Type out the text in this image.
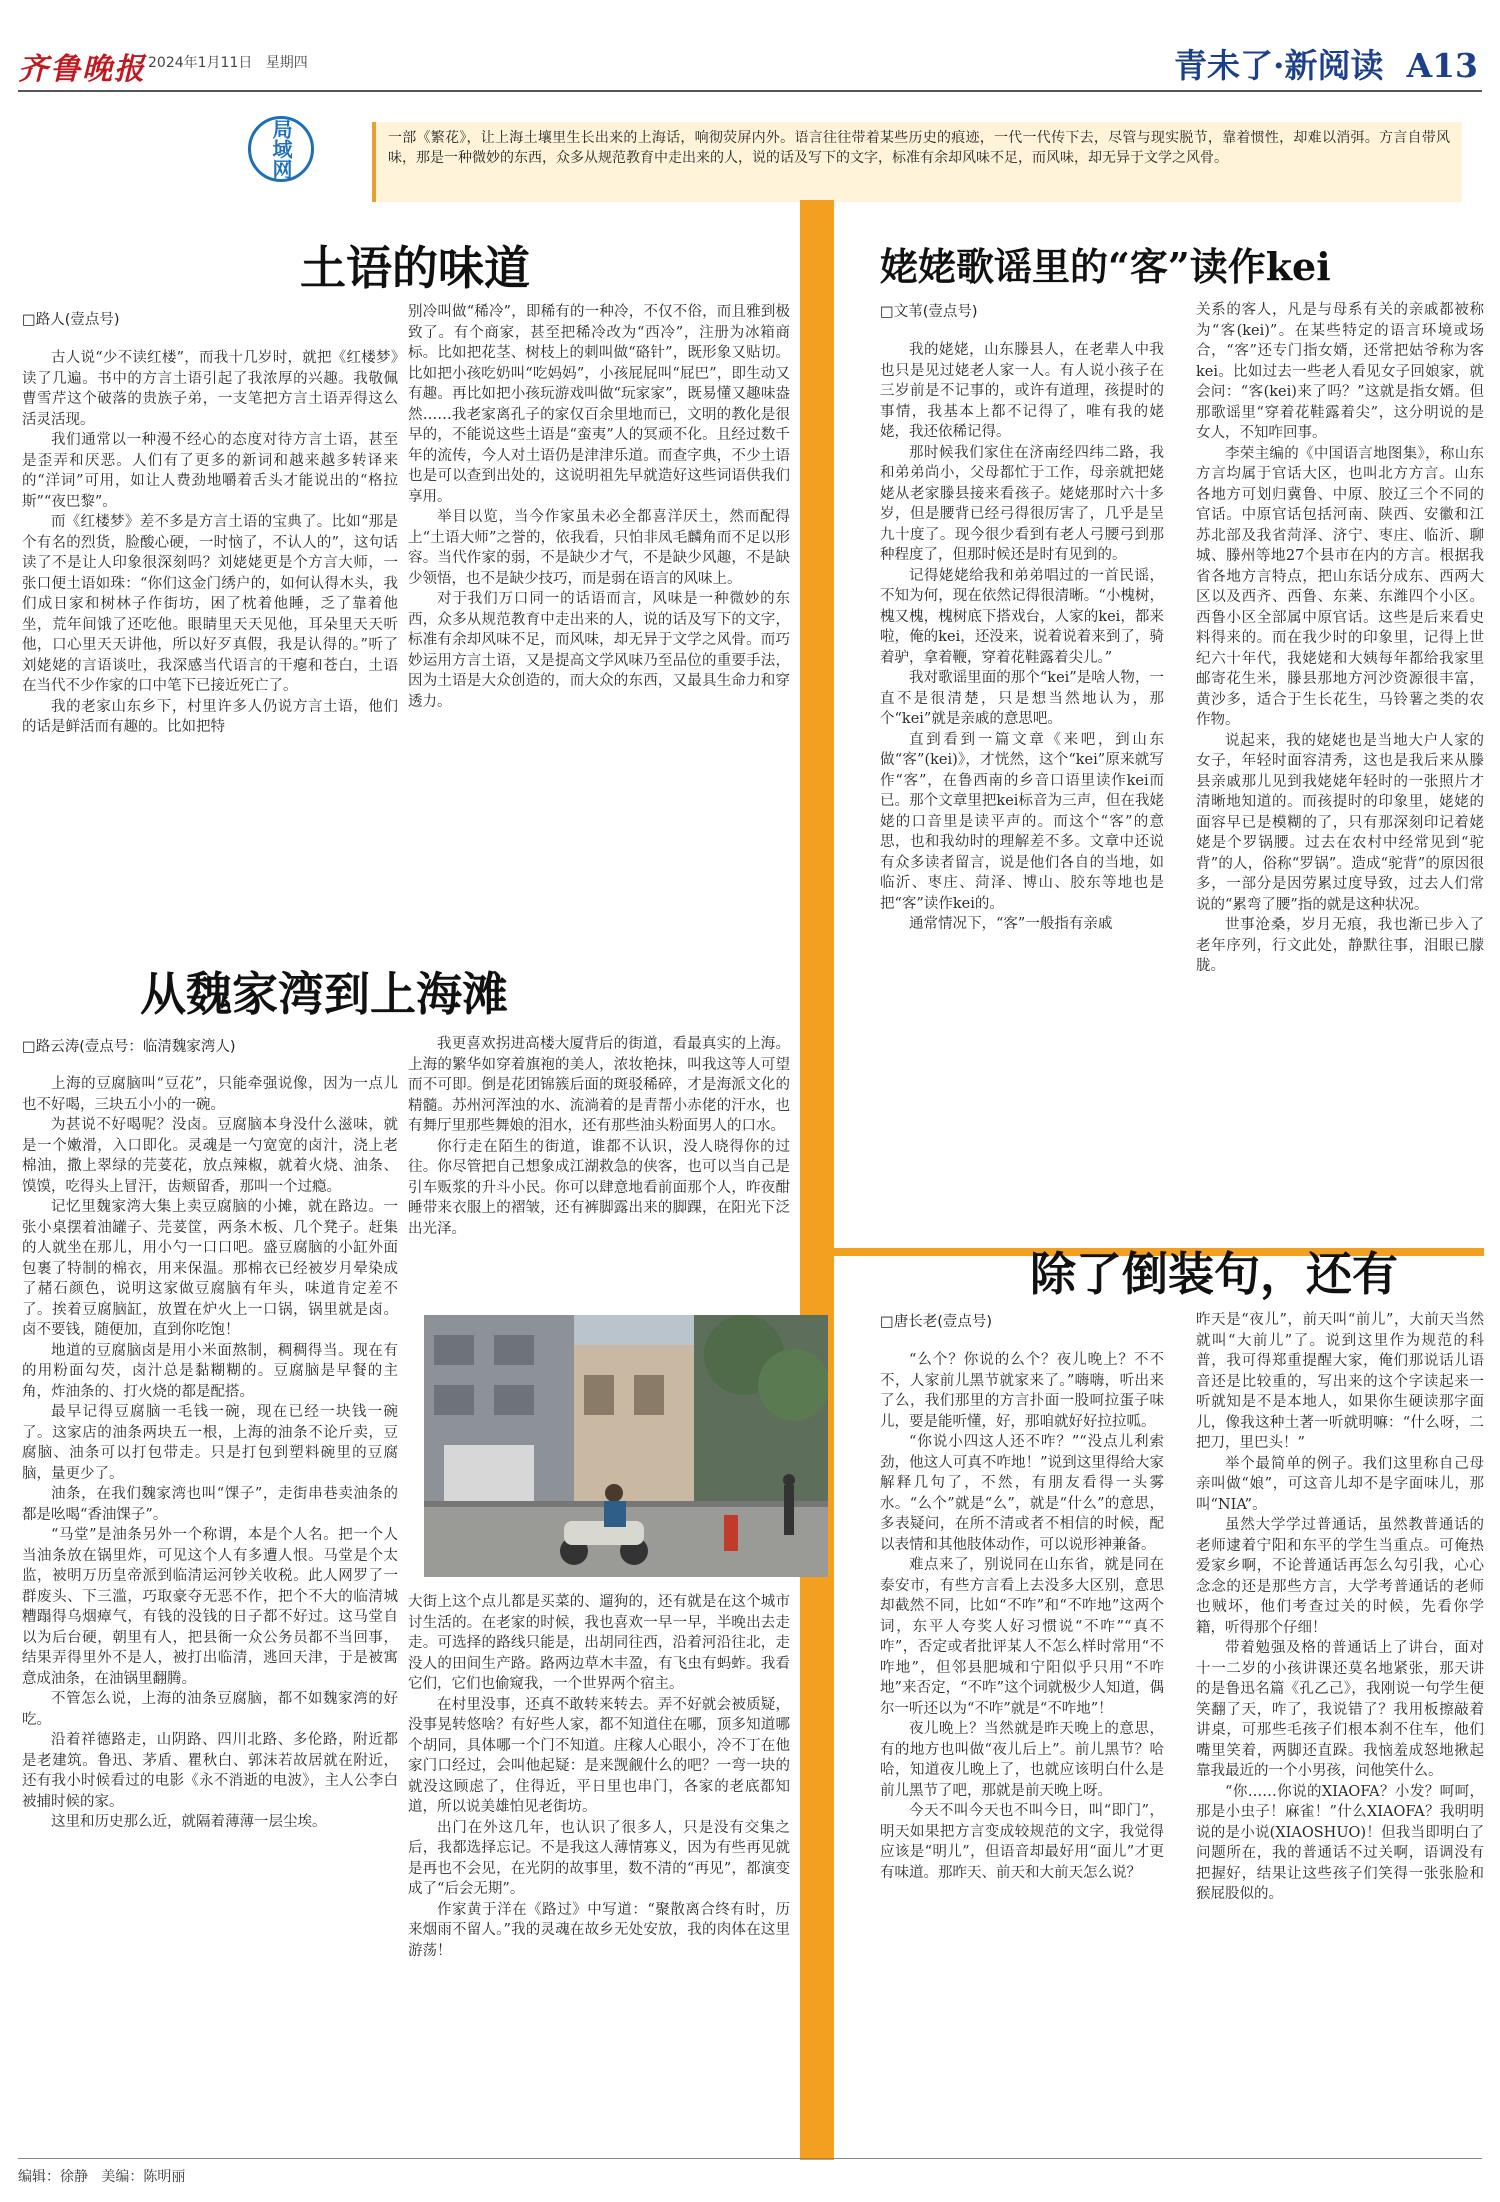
齐鲁晚报 2024年1月11日 星期四	青未了·新阅读 A13
局域网	一部《繁花》，让上海土壤里生长出来的上海话，响彻荧屏内外。语言往往带着某些历史的痕迹，一代一代传下去，尽管与现实脱节，靠着惯性，却难以消弭。方言自带风味，那是一种微妙的东西，众多从规范教育中走出来的人，说的话及写下的文字，标准有余却风味不足，而风味，却无异于文学之风骨。
土语的味道
□路人(壹点号)

古人说“少不读红楼”，而我十几岁时，就把《红楼梦》读了几遍。书中的方言土语引起了我浓厚的兴趣。我敬佩曹雪芹这个破落的贵族子弟，一支笔把方言土语弄得这么活灵活现。

我们通常以一种漫不经心的态度对待方言土语，甚至是歪弄和厌恶。人们有了更多的新词和越来越多转译来的“洋词”可用，如让人费劲地嚼着舌头才能说出的“格拉斯”“夜巴黎”。

而《红楼梦》差不多是方言土语的宝典了。比如“那是个有名的烈货，脸酸心硬，一时恼了，不认人的”，这句话读了不是让人印象很深刻吗？刘姥姥更是个方言大师，一张口便土语如珠：“你们这金门绣户的，如何认得木头，我们成日家和树林子作街坊，困了枕着他睡，乏了靠着他坐，荒年间饿了还吃他。眼睛里天天见他，耳朵里天天听他，口心里天天讲他，所以好歹真假，我是认得的。”听了刘姥姥的言语谈吐，我深感当代语言的干瘪和苍白，土语在当代不少作家的口中笔下已接近死亡了。

我的老家山东乡下，村里许多人仍说方言土语，他们的话是鲜活而有趣的。比如把特

别冷叫做“稀冷”，即稀有的一种冷，不仅不俗，而且雅到极致了。有个商家，甚至把稀冷改为“西冷”，注册为冰箱商标。比如把花茎、树枝上的刺叫做“硌针”，既形象又贴切。比如把小孩吃奶叫“吃妈妈”，小孩屁屁叫“屁巴”，即生动又有趣。再比如把小孩玩游戏叫做“玩家家”，既易懂又趣味盎然……我老家离孔子的家仅百余里地而已，文明的教化是很早的，不能说这些土语是“蛮夷”人的冥顽不化。且经过数千年的流传，今人对土语仍是津津乐道。而查字典，不少土语也是可以查到出处的，这说明祖先早就造好这些词语供我们享用。

举目以览，当今作家虽未必全都喜洋厌土，然而配得上“土语大师”之誉的，依我看，只怕非凤毛麟角而不足以形容。当代作家的弱，不是缺少才气，不是缺少风趣，不是缺少领悟，也不是缺少技巧，而是弱在语言的风味上。

对于我们万口同一的话语而言，风味是一种微妙的东西，众多从规范教育中走出来的人，说的话及写下的文字，标准有余却风味不足，而风味，却无异于文学之风骨。而巧妙运用方言土语，又是提高文学风味乃至品位的重要手法，因为土语是大众创造的，而大众的东西，又最具生命力和穿透力。

从魏家湾到上海滩
□路云涛(壹点号：临清魏家湾人)

上海的豆腐脑叫“豆花”，只能牵强说像，因为一点儿也不好喝，三块五小小的一碗。

为甚说不好喝呢？没卤。豆腐脑本身没什么滋味，就是一个嫩滑，入口即化。灵魂是一勺宽宽的卤汁，浇上老棉油，撒上翠绿的芫荽花，放点辣椒，就着火烧、油条、馍馍，吃得头上冒汗，齿颊留香，那叫一个过瘾。

记忆里魏家湾大集上卖豆腐脑的小摊，就在路边。一张小桌摆着油罐子、芫荽筐，两条木板、几个凳子。赶集的人就坐在那儿，用小勺一口口吧。盛豆腐脑的小缸外面包裹了特制的棉衣，用来保温。那棉衣已经被岁月晕染成了赭石颜色，说明这家做豆腐脑有年头，味道肯定差不了。挨着豆腐脑缸，放置在炉火上一口锅，锅里就是卤。卤不要钱，随便加，直到你吃饱！

地道的豆腐脑卤是用小米面熬制，稠稠得当。现在有的用粉面勾芡，卤汁总是黏糊糊的。豆腐脑是早餐的主角，炸油条的、打火烧的都是配搭。

最早记得豆腐脑一毛钱一碗，现在已经一块钱一碗了。这家店的油条两块五一根，上海的油条不论斤卖，豆腐脑、油条可以打包带走。只是打包到塑料碗里的豆腐脑，量更少了。

油条，在我们魏家湾也叫“馃子”，走街串巷卖油条的都是吆喝“香油馃子”。

“马堂”是油条另外一个称谓，本是个人名。把一个人当油条放在锅里炸，可见这个人有多遭人恨。马堂是个太监，被明万历皇帝派到临清运河钞关收税。此人网罗了一群废头、下三滥，巧取豪夺无恶不作，把个不大的临清城糟蹋得乌烟瘴气，有钱的没钱的日子都不好过。这马堂自以为后台硬，朝里有人，把县衙一众公务员都不当回事，结果弄得里外不是人，被打出临清，逃回天津，于是被寓意成油条，在油锅里翻腾。

不管怎么说，上海的油条豆腐脑，都不如魏家湾的好吃。

沿着祥德路走，山阴路、四川北路、多伦路，附近都是老建筑。鲁迅、茅盾、瞿秋白、郭沫若故居就在附近，还有我小时候看过的电影《永不消逝的电波》，主人公李白被捕时候的家。

这里和历史那么近，就隔着薄薄一层尘埃。

我更喜欢拐进高楼大厦背后的街道，看最真实的上海。上海的繁华如穿着旗袍的美人，浓妆艳抹，叫我这等人可望而不可即。倒是花团锦簇后面的斑驳稀碎，才是海派文化的精髓。苏州河浑浊的水、流淌着的是青帮小赤佬的汗水，也有舞厅里那些舞娘的泪水，还有那些油头粉面男人的口水。

你行走在陌生的街道，谁都不认识，没人晓得你的过往。你尽管把自己想象成江湖救急的侠客，也可以当自己是引车贩浆的升斗小民。你可以肆意地看前面那个人，昨夜酣睡带来衣服上的褶皱，还有裤脚露出来的脚踝，在阳光下泛出光泽。

大街上这个点儿都是买菜的、遛狗的，还有就是在这个城市讨生活的。在老家的时候，我也喜欢一早一早，半晚出去走走。可选择的路线只能是，出胡同往西，沿着河沿往北，走没人的田间生产路。路两边草木丰盈，有飞虫有蚂蚱。我看它们，它们也偷窥我，一个世界两个宿主。

在村里没事，还真不敢转来转去。弄不好就会被质疑，没事晃转悠啥？有好些人家，都不知道住在哪，顶多知道哪个胡同，具体哪一个门不知道。庄稼人心眼小，冷不丁在他家门口经过，会叫他起疑：是来觊觎什么的吧？一弯一块的就没这顾虑了，住得近，平日里也串门，各家的老底都知道，所以说美雄怕见老街坊。

出门在外这几年，也认识了很多人，只是没有交集之后，我都选择忘记。不是我这人薄情寡义，因为有些再见就是再也不会见，在光阴的故事里，数不清的“再见”，都演变成了“后会无期”。

作家黄于洋在《路过》中写道：“聚散离合终有时，历来烟雨不留人。”我的灵魂在故乡无处安放，我的肉体在这里游荡！

姥姥歌谣里的“客”读作kei
□文苇(壹点号)

我的姥姥，山东滕县人，在老辈人中我也只是见过姥老人家一人。有人说小孩子在三岁前是不记事的，或许有道理，孩提时的事情，我基本上都不记得了，唯有我的姥姥，我还依稀记得。

那时候我们家住在济南经四纬二路，我和弟弟尚小，父母都忙于工作，母亲就把姥姥从老家滕县接来看孩子。姥姥那时六十多岁，但是腰背已经弓得很厉害了，几乎是呈九十度了。现今很少看到有老人弓腰弓到那种程度了，但那时候还是时有见到的。

记得姥姥给我和弟弟唱过的一首民谣，不知为何，现在依然记得很清晰。“小槐树，槐又槐，槐树底下搭戏台，人家的kei，都来啦，俺的kei，还没来，说着说着来到了，骑着驴，拿着鞭，穿着花鞋露着尖儿。”

我对歌谣里面的那个“kei”是啥人物，一直不是很清楚，只是想当然地认为，那个“kei”就是亲戚的意思吧。

直到看到一篇文章《来吧，到山东做“客”(kei)》，才恍然，这个“kei”原来就写作“客”，在鲁西南的乡音口语里读作kei而已。那个文章里把kei标音为三声，但在我姥姥的口音里是读平声的。而这个“客”的意思，也和我幼时的理解差不多。文章中还说有众多读者留言，说是他们各自的当地，如临沂、枣庄、菏泽、博山、胶东等地也是把“客”读作kei的。

通常情况下，“客”一般指有亲戚

关系的客人，凡是与母系有关的亲戚都被称为“客(kei)”。在某些特定的语言环境或场合，“客”还专门指女婿，还常把姑爷称为客kei。比如过去一些老人看见女子回娘家，就会问：“客(kei)来了吗？”这就是指女婿。但那歌谣里“穿着花鞋露着尖”，这分明说的是女人，不知咋回事。

李荣主编的《中国语言地图集》，称山东方言均属于官话大区，也叫北方方言。山东各地方可划归冀鲁、中原、胶辽三个不同的官话。中原官话包括河南、陕西、安徽和江苏北部及我省菏泽、济宁、枣庄、临沂、聊城、滕州等地27个县市在内的方言。根据我省各地方言特点，把山东话分成东、西两大区以及西齐、西鲁、东莱、东潍四个小区。西鲁小区全部属中原官话。这些是后来看史料得来的。而在我少时的印象里，记得上世纪六十年代，我姥姥和大姨每年都给我家里邮寄花生米，滕县那地方河沙资源很丰富，黄沙多，适合于生长花生，马铃薯之类的农作物。

说起来，我的姥姥也是当地大户人家的女子，年轻时面容清秀，这也是我后来从滕县亲戚那儿见到我姥姥年轻时的一张照片才清晰地知道的。而孩提时的印象里，姥姥的面容早已是模糊的了，只有那深刻印记着姥姥是个罗锅腰。过去在农村中经常见到“驼背”的人，俗称“罗锅”。造成“驼背”的原因很多，一部分是因劳累过度导致，过去人们常说的“累弯了腰”指的就是这种状况。

世事沧桑，岁月无痕，我也渐已步入了老年序列，行文此处，静默往事，泪眼已朦胧。

除了倒装句，还有
□唐长老(壹点号)

“么个？你说的么个？夜儿晚上？不不不，人家前儿黑节就家来了。”嗨嗨，听出来了么，我们那里的方言扑面一股呵拉蛋子味儿，要是能听懂，好，那咱就好好拉拉呱。

“你说小四这人还不咋？”“没点儿利索劲，他这人可真不咋地！”说到这里得给大家解释几句了，不然，有朋友看得一头雾水。“么个”就是“么”，就是“什么”的意思，多表疑问，在所不清或者不相信的时候，配以表情和其他肢体动作，可以说形神兼备。

难点来了，别说同在山东省，就是同在泰安市，有些方言看上去没多大区别，意思却截然不同，比如“不咋”和“不咋地”这两个词，东平人夸奖人好习惯说“不咋”“真不咋”，否定或者批评某人不怎么样时常用“不咋地”，但邻县肥城和宁阳似乎只用“不咋地”来否定，“不咋”这个词就极少人知道，偶尔一听还以为“不咋”就是“不咋地”！

夜儿晚上？当然就是昨天晚上的意思，有的地方也叫做“夜儿后上”。前儿黑节？哈哈，知道夜儿晚上了，也就应该明白什么是前儿黑节了吧，那就是前天晚上呀。

今天不叫今天也不叫今日，叫“即门”，明天如果把方言变成较规范的文字，我觉得应该是“明儿”，但语音却最好用“面儿”才更有味道。那昨天、前天和大前天怎么说？

昨天是“夜儿”，前天叫“前儿”，大前天当然就叫“大前儿”了。说到这里作为规范的科普，我可得郑重提醒大家，俺们那说话儿语音还是比较重的，写出来的这个字读起来一听就知是不是本地人，如果你生硬读那字面儿，像我这种土著一听就明嘛：“什么呀，二把刀，里巴头！”

举个最简单的例子。我们这里称自己母亲叫做“娘”，可这音儿却不是字面味儿，那叫“NIA”。

虽然大学学过普通话，虽然教普通话的老师逮着宁阳和东平的学生当重点。可俺热爱家乡啊，不论普通话再怎么勾引我，心心念念的还是那些方言，大学考普通话的老师也贼坏，他们考查过关的时候，先看你学籍，听得那个仔细！

带着勉强及格的普通话上了讲台，面对十一二岁的小孩讲课还莫名地紧张，那天讲的是鲁迅名篇《孔乙己》，我刚说一句学生便笑翻了天，咋了，我说错了？我用板擦敲着讲桌，可那些毛孩子们根本刹不住车，他们嘴里笑着，两脚还直跺。我恼羞成怒地揪起靠我最近的一个小男孩，问他笑什么。

“你……你说的XIAOFA？小发？呵呵，那是小虫子！麻雀！”什么XIAOFA？我明明说的是小说(XIAOSHUO)！但我当即明白了问题所在，我的普通话不过关啊，语调没有把握好，结果让这些孩子们笑得一张张脸和猴屁股似的。

编辑：徐静 美编：陈明丽
